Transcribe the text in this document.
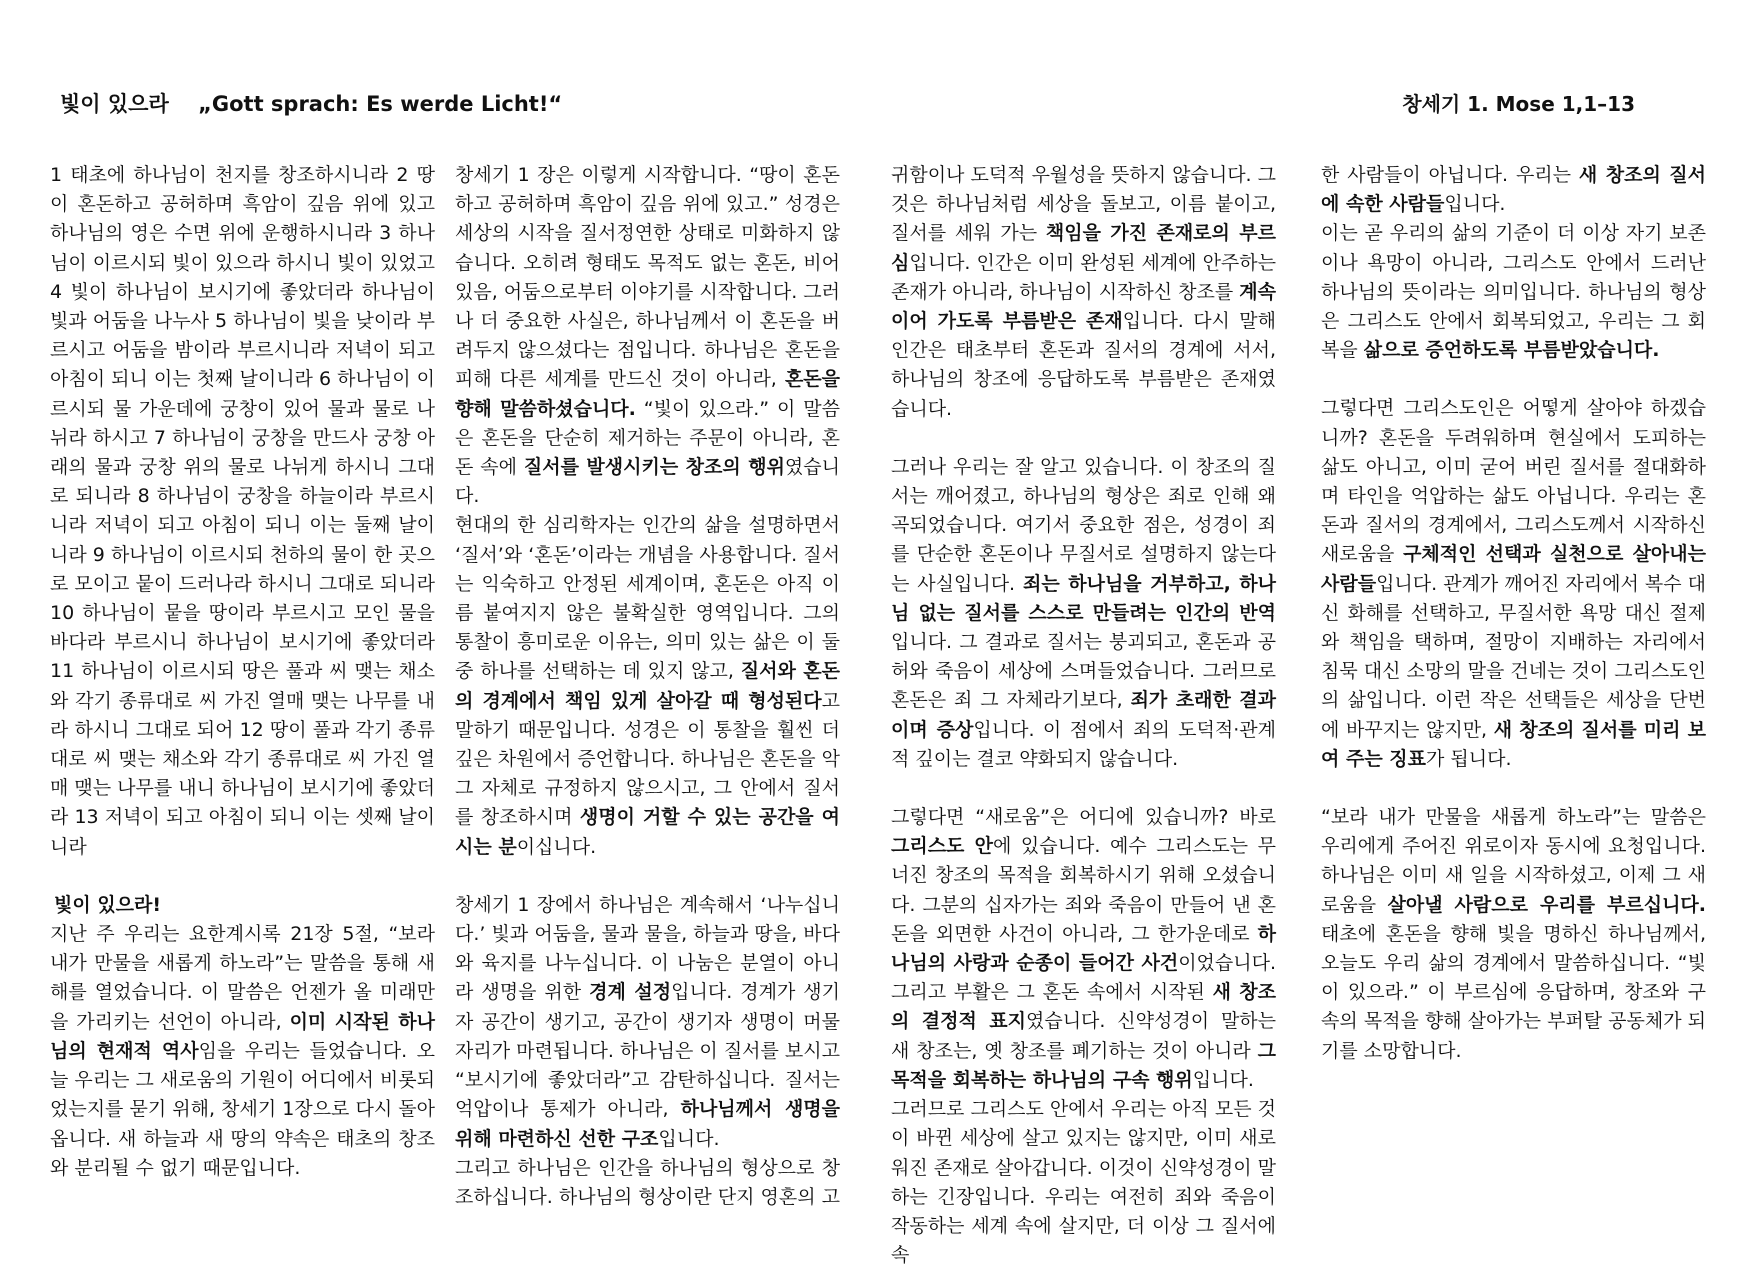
빛이 있으라 „Gott sprach: Es werde Licht!“	창세기 1. Mose 1,1–13

1 태초에 하나님이 천지를 창조하시니라 2 땅이 혼돈하고 공허하며 흑암이 깊음 위에 있고 하나님의 영은 수면 위에 운행하시니라 3 하나님이 이르시되 빛이 있으라 하시니 빛이 있었고 4 빛이 하나님이 보시기에 좋았더라 하나님이 빛과 어둠을 나누사 5 하나님이 빛을 낮이라 부르시고 어둠을 밤이라 부르시니라 저녁이 되고 아침이 되니 이는 첫째 날이니라 6 하나님이 이르시되 물 가운데에 궁창이 있어 물과 물로 나뉘라 하시고 7 하나님이 궁창을 만드사 궁창 아래의 물과 궁창 위의 물로 나뉘게 하시니 그대로 되니라 8 하나님이 궁창을 하늘이라 부르시니라 저녁이 되고 아침이 되니 이는 둘째 날이니라 9 하나님이 이르시되 천하의 물이 한 곳으로 모이고 뭍이 드러나라 하시니 그대로 되니라 10 하나님이 뭍을 땅이라 부르시고 모인 물을 바다라 부르시니 하나님이 보시기에 좋았더라 11 하나님이 이르시되 땅은 풀과 씨 맺는 채소와 각기 종류대로 씨 가진 열매 맺는 나무를 내라 하시니 그대로 되어 12 땅이 풀과 각기 종류대로 씨 맺는 채소와 각기 종류대로 씨 가진 열매 맺는 나무를 내니 하나님이 보시기에 좋았더라 13 저녁이 되고 아침이 되니 이는 셋째 날이니라

빛이 있으라!

지난 주 우리는 요한계시록 21장 5절, “보라 내가 만물을 새롭게 하노라”는 말씀을 통해 새해를 열었습니다. 이 말씀은 언젠가 올 미래만을 가리키는 선언이 아니라, 이미 시작된 하나님의 현재적 역사임을 우리는 들었습니다. 오늘 우리는 그 새로움의 기원이 어디에서 비롯되었는지를 묻기 위해, 창세기 1장으로 다시 돌아옵니다. 새 하늘과 새 땅의 약속은 태초의 창조와 분리될 수 없기 때문입니다.

창세기 1 장은 이렇게 시작합니다. “땅이 혼돈하고 공허하며 흑암이 깊음 위에 있고.” 성경은 세상의 시작을 질서정연한 상태로 미화하지 않습니다. 오히려 형태도 목적도 없는 혼돈, 비어 있음, 어둠으로부터 이야기를 시작합니다. 그러나 더 중요한 사실은, 하나님께서 이 혼돈을 버려두지 않으셨다는 점입니다. 하나님은 혼돈을 피해 다른 세계를 만드신 것이 아니라, 혼돈을 향해 말씀하셨습니다. “빛이 있으라.” 이 말씀은 혼돈을 단순히 제거하는 주문이 아니라, 혼돈 속에 질서를 발생시키는 창조의 행위였습니다.

현대의 한 심리학자는 인간의 삶을 설명하면서 ‘질서’와 ‘혼돈’이라는 개념을 사용합니다. 질서는 익숙하고 안정된 세계이며, 혼돈은 아직 이름 붙여지지 않은 불확실한 영역입니다. 그의 통찰이 흥미로운 이유는, 의미 있는 삶은 이 둘 중 하나를 선택하는 데 있지 않고, 질서와 혼돈의 경계에서 책임 있게 살아갈 때 형성된다고 말하기 때문입니다. 성경은 이 통찰을 훨씬 더 깊은 차원에서 증언합니다. 하나님은 혼돈을 악 그 자체로 규정하지 않으시고, 그 안에서 질서를 창조하시며 생명이 거할 수 있는 공간을 여시는 분이십니다.

창세기 1 장에서 하나님은 계속해서 ‘나누십니다.’ 빛과 어둠을, 물과 물을, 하늘과 땅을, 바다와 육지를 나누십니다. 이 나눔은 분열이 아니라 생명을 위한 경계 설정입니다. 경계가 생기자 공간이 생기고, 공간이 생기자 생명이 머물 자리가 마련됩니다. 하나님은 이 질서를 보시고 “보시기에 좋았더라”고 감탄하십니다. 질서는 억압이나 통제가 아니라, 하나님께서 생명을 위해 마련하신 선한 구조입니다.

그리고 하나님은 인간을 하나님의 형상으로 창조하십니다. 하나님의 형상이란 단지 영혼의 고

귀함이나 도덕적 우월성을 뜻하지 않습니다. 그것은 하나님처럼 세상을 돌보고, 이름 붙이고, 질서를 세워 가는 책임을 가진 존재로의 부르심입니다. 인간은 이미 완성된 세계에 안주하는 존재가 아니라, 하나님이 시작하신 창조를 계속 이어 가도록 부름받은 존재입니다. 다시 말해 인간은 태초부터 혼돈과 질서의 경계에 서서, 하나님의 창조에 응답하도록 부름받은 존재였습니다.

그러나 우리는 잘 알고 있습니다. 이 창조의 질서는 깨어졌고, 하나님의 형상은 죄로 인해 왜곡되었습니다. 여기서 중요한 점은, 성경이 죄를 단순한 혼돈이나 무질서로 설명하지 않는다는 사실입니다. 죄는 하나님을 거부하고, 하나님 없는 질서를 스스로 만들려는 인간의 반역입니다. 그 결과로 질서는 붕괴되고, 혼돈과 공허와 죽음이 세상에 스며들었습니다. 그러므로 혼돈은 죄 그 자체라기보다, 죄가 초래한 결과이며 증상입니다. 이 점에서 죄의 도덕적·관계적 깊이는 결코 약화되지 않습니다.

그렇다면 “새로움”은 어디에 있습니까? 바로 그리스도 안에 있습니다. 예수 그리스도는 무너진 창조의 목적을 회복하시기 위해 오셨습니다. 그분의 십자가는 죄와 죽음이 만들어 낸 혼돈을 외면한 사건이 아니라, 그 한가운데로 하나님의 사랑과 순종이 들어간 사건이었습니다. 그리고 부활은 그 혼돈 속에서 시작된 새 창조의 결정적 표지였습니다. 신약성경이 말하는 새 창조는, 옛 창조를 폐기하는 것이 아니라 그 목적을 회복하는 하나님의 구속 행위입니다.

그러므로 그리스도 안에서 우리는 아직 모든 것이 바뀐 세상에 살고 있지는 않지만, 이미 새로워진 존재로 살아갑니다. 이것이 신약성경이 말하는 긴장입니다. 우리는 여전히 죄와 죽음이 작동하는 세계 속에 살지만, 더 이상 그 질서에 속

한 사람들이 아닙니다. 우리는 새 창조의 질서에 속한 사람들입니다.

이는 곧 우리의 삶의 기준이 더 이상 자기 보존이나 욕망이 아니라, 그리스도 안에서 드러난 하나님의 뜻이라는 의미입니다. 하나님의 형상은 그리스도 안에서 회복되었고, 우리는 그 회복을 삶으로 증언하도록 부름받았습니다.

그렇다면 그리스도인은 어떻게 살아야 하겠습니까? 혼돈을 두려워하며 현실에서 도피하는 삶도 아니고, 이미 굳어 버린 질서를 절대화하며 타인을 억압하는 삶도 아닙니다. 우리는 혼돈과 질서의 경계에서, 그리스도께서 시작하신 새로움을 구체적인 선택과 실천으로 살아내는 사람들입니다. 관계가 깨어진 자리에서 복수 대신 화해를 선택하고, 무질서한 욕망 대신 절제와 책임을 택하며, 절망이 지배하는 자리에서 침묵 대신 소망의 말을 건네는 것이 그리스도인의 삶입니다. 이런 작은 선택들은 세상을 단번에 바꾸지는 않지만, 새 창조의 질서를 미리 보여 주는 징표가 됩니다.

“보라 내가 만물을 새롭게 하노라”는 말씀은 우리에게 주어진 위로이자 동시에 요청입니다. 하나님은 이미 새 일을 시작하셨고, 이제 그 새로움을 살아낼 사람으로 우리를 부르십니다. 태초에 혼돈을 향해 빛을 명하신 하나님께서, 오늘도 우리 삶의 경계에서 말씀하십니다. “빛이 있으라.” 이 부르심에 응답하며, 창조와 구속의 목적을 향해 살아가는 부퍼탈 공동체가 되기를 소망합니다.
